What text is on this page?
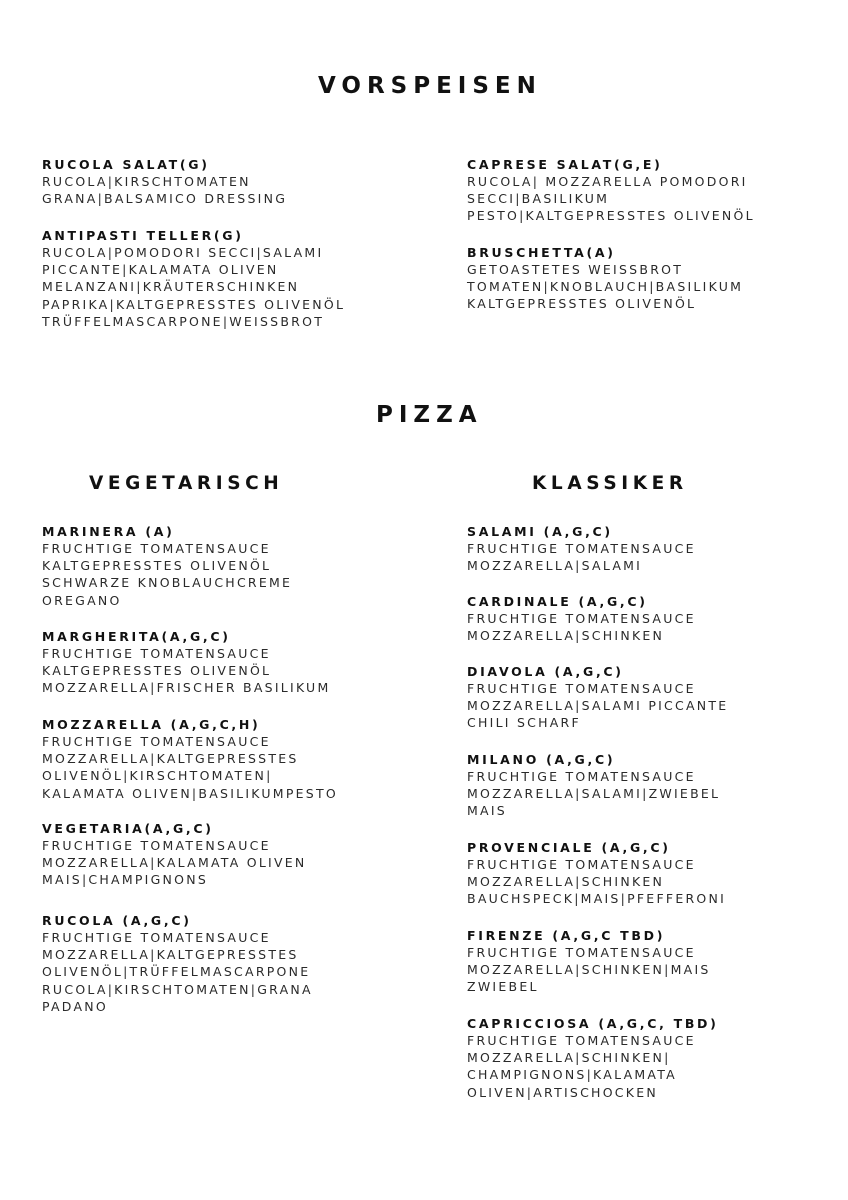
VORSPEISEN
PIZZA
VEGETARISCH	KLASSIKER
RUCOLA SALAT(G)
RUCOLA|KIRSCHTOMATEN
GRANA|BALSAMICO DRESSING
ANTIPASTI TELLER(G)
RUCOLA|POMODORI SECCI|SALAMI
PICCANTE|KALAMATA OLIVEN
MELANZANI|KRÄUTERSCHINKEN
PAPRIKA|KALTGEPRESSTES OLIVENÖL
TRÜFFELMASCARPONE|WEISSBROT
CAPRESE SALAT(G,E)
RUCOLA| MOZZARELLA POMODORI
SECCI|BASILIKUM
PESTO|KALTGEPRESSTES OLIVENÖL
BRUSCHETTA(A)
GETOASTETES WEISSBROT
TOMATEN|KNOBLAUCH|BASILIKUM
KALTGEPRESSTES OLIVENÖL
MARINERA (A)
FRUCHTIGE TOMATENSAUCE
KALTGEPRESSTES OLIVENÖL
SCHWARZE KNOBLAUCHCREME
OREGANO
MARGHERITA(A,G,C)
FRUCHTIGE TOMATENSAUCE
KALTGEPRESSTES OLIVENÖL
MOZZARELLA|FRISCHER BASILIKUM
MOZZARELLA (A,G,C,H)
FRUCHTIGE TOMATENSAUCE
MOZZARELLA|KALTGEPRESSTES
OLIVENÖL|KIRSCHTOMATEN|
KALAMATA OLIVEN|BASILIKUMPESTO
VEGETARIA(A,G,C)
FRUCHTIGE TOMATENSAUCE
MOZZARELLA|KALAMATA OLIVEN
MAIS|CHAMPIGNONS
RUCOLA (A,G,C)
FRUCHTIGE TOMATENSAUCE
MOZZARELLA|KALTGEPRESSTES
OLIVENÖL|TRÜFFELMASCARPONE
RUCOLA|KIRSCHTOMATEN|GRANA
PADANO
SALAMI (A,G,C)
FRUCHTIGE TOMATENSAUCE
MOZZARELLA|SALAMI
CARDINALE (A,G,C)
FRUCHTIGE TOMATENSAUCE
MOZZARELLA|SCHINKEN
DIAVOLA (A,G,C)
FRUCHTIGE TOMATENSAUCE
MOZZARELLA|SALAMI PICCANTE
CHILI SCHARF
MILANO (A,G,C)
FRUCHTIGE TOMATENSAUCE
MOZZARELLA|SALAMI|ZWIEBEL
MAIS
PROVENCIALE (A,G,C)
FRUCHTIGE TOMATENSAUCE
MOZZARELLA|SCHINKEN
BAUCHSPECK|MAIS|PFEFFERONI
FIRENZE (A,G,C TBD)
FRUCHTIGE TOMATENSAUCE
MOZZARELLA|SCHINKEN|MAIS
ZWIEBEL
CAPRICCIOSA (A,G,C, TBD)
FRUCHTIGE TOMATENSAUCE
MOZZARELLA|SCHINKEN|
CHAMPIGNONS|KALAMATA
OLIVEN|ARTISCHOCKEN
